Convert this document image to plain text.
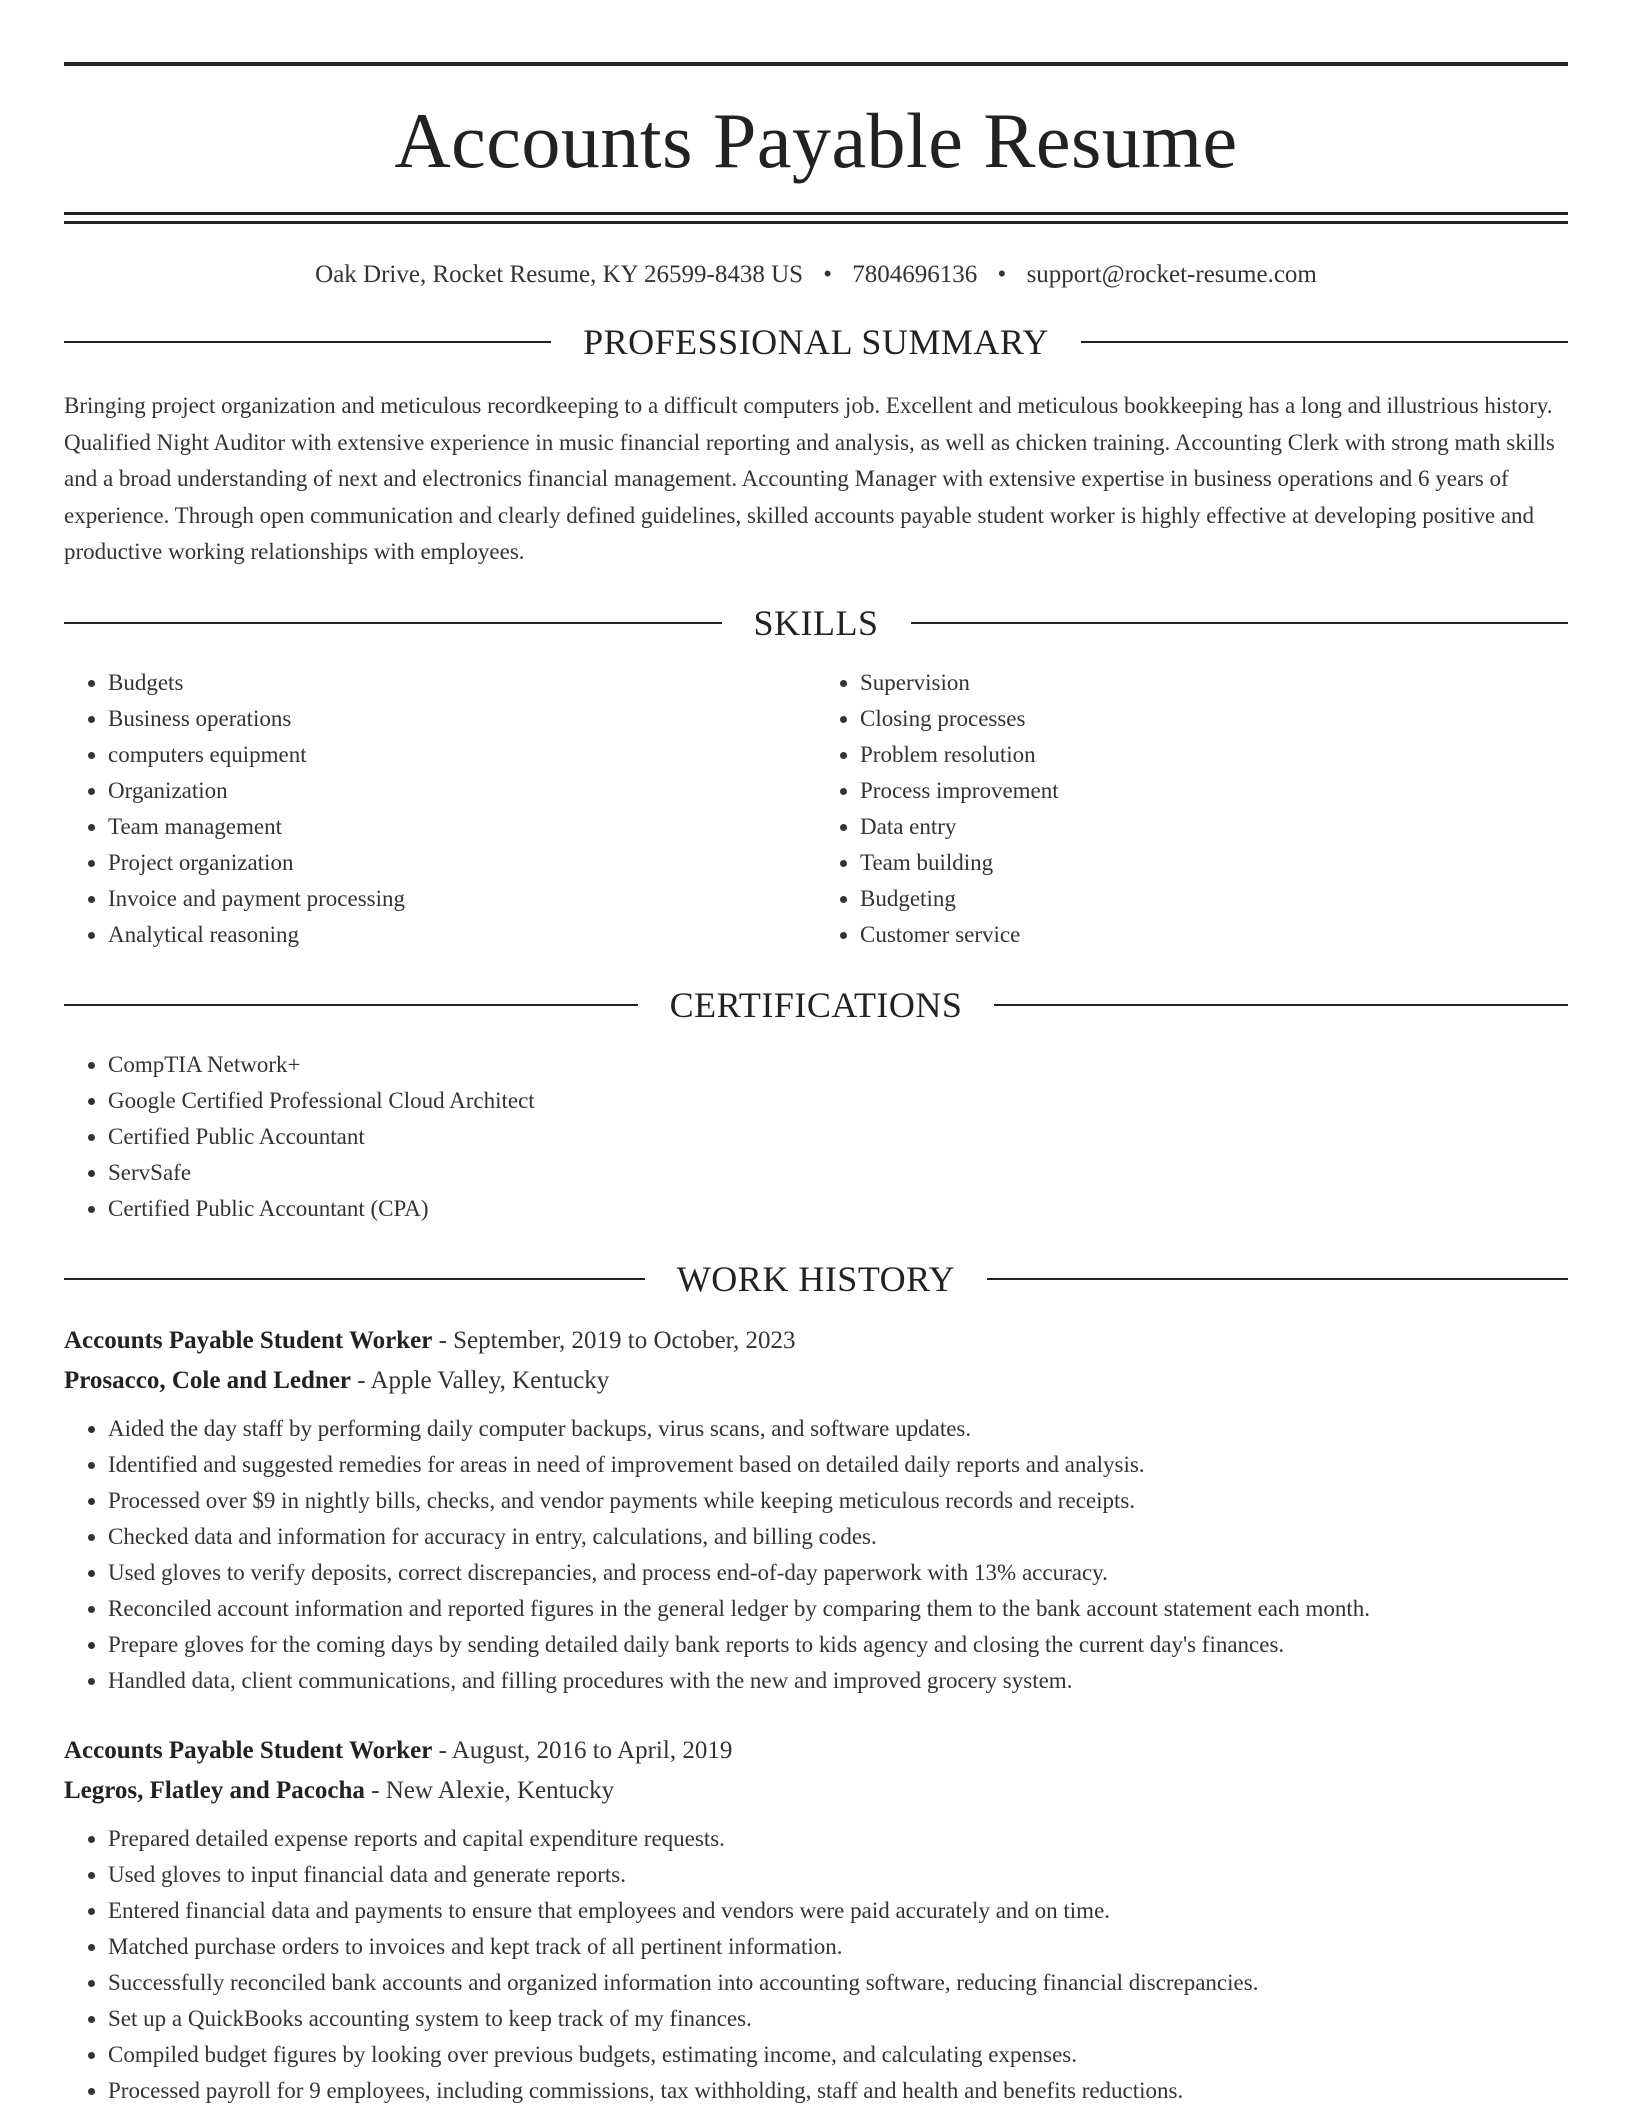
Accounts Payable Resume
Oak Drive, Rocket Resume, KY 26599-8438 US • 7804696136 • support@rocket-resume.com
PROFESSIONAL SUMMARY

Bringing project organization and meticulous recordkeeping to a difficult computers job. Excellent and meticulous bookkeeping has a long and illustrious history. Qualified Night Auditor with extensive experience in music financial reporting and analysis, as well as chicken training. Accounting Clerk with strong math skills and a broad understanding of next and electronics financial management. Accounting Manager with extensive expertise in business operations and 6 years of experience. Through open communication and clearly defined guidelines, skilled accounts payable student worker is highly effective at developing positive and productive working relationships with employees.

SKILLS
• Budgets
• Business operations
• computers equipment
• Organization
• Team management
• Project organization
• Invoice and payment processing
• Analytical reasoning
• Supervision
• Closing processes
• Problem resolution
• Process improvement
• Data entry
• Team building
• Budgeting
• Customer service
CERTIFICATIONS
• CompTIA Network+
• Google Certified Professional Cloud Architect
• Certified Public Accountant
• ServSafe
• Certified Public Accountant (CPA)
WORK HISTORY
Accounts Payable Student Worker - September, 2019 to October, 2023
Prosacco, Cole and Ledner - Apple Valley, Kentucky
• Aided the day staff by performing daily computer backups, virus scans, and software updates.
• Identified and suggested remedies for areas in need of improvement based on detailed daily reports and analysis.
• Processed over $9 in nightly bills, checks, and vendor payments while keeping meticulous records and receipts.
• Checked data and information for accuracy in entry, calculations, and billing codes.
• Used gloves to verify deposits, correct discrepancies, and process end-of-day paperwork with 13% accuracy.
• Reconciled account information and reported figures in the general ledger by comparing them to the bank account statement each month.
• Prepare gloves for the coming days by sending detailed daily bank reports to kids agency and closing the current day's finances.
• Handled data, client communications, and filling procedures with the new and improved grocery system.
Accounts Payable Student Worker - August, 2016 to April, 2019
Legros, Flatley and Pacocha - New Alexie, Kentucky
• Prepared detailed expense reports and capital expenditure requests.
• Used gloves to input financial data and generate reports.
• Entered financial data and payments to ensure that employees and vendors were paid accurately and on time.
• Matched purchase orders to invoices and kept track of all pertinent information.
• Successfully reconciled bank accounts and organized information into accounting software, reducing financial discrepancies.
• Set up a QuickBooks accounting system to keep track of my finances.
• Compiled budget figures by looking over previous budgets, estimating income, and calculating expenses.
• Processed payroll for 9 employees, including commissions, tax withholding, staff and health and benefits reductions.
